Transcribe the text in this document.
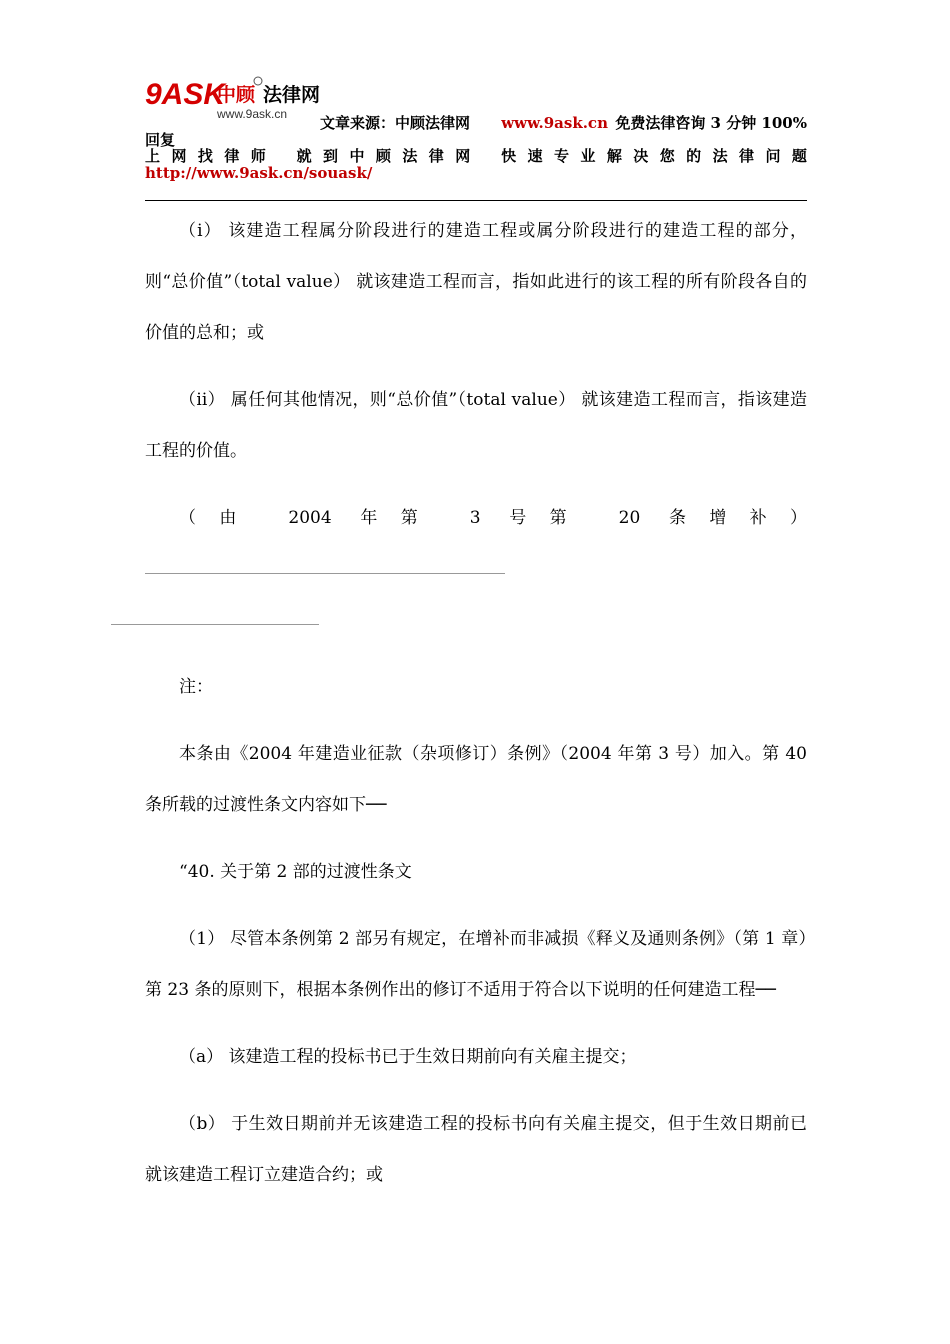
9ASK
中顾 法律网
www.9ask.cn 文章来源：中顾法律网 www.9ask.cn 免费法律咨询 3 分钟 100%
回复
上 网 找 律 师 就 到 中 顾 法 律 网 快 速 专 业 解 决 您 的 法 律 问 题
http://www.9ask.cn/souask/

（i） 该建造工程属分阶段进行的建造工程或属分阶段进行的建造工程的部分，则“总价值”（total value） 就该建造工程而言，指如此进行的该工程的所有阶段各自的价值的总和；或

（ii） 属任何其他情况，则“总价值”（total value） 就该建造工程而言，指该建造工程的价值。

（由 2004 年第 3 号第 20 条增补）

注：

本条由《2004 年建造业征款（杂项修订）条例》（2004 年第 3 号）加入。第 40 条所载的过渡性条文内容如下──

“40. 关于第 2 部的过渡性条文

（1） 尽管本条例第 2 部另有规定，在增补而非减损《释义及通则条例》（第 1 章）第 23 条的原则下，根据本条例作出的修订不适用于符合以下说明的任何建造工程──

（a） 该建造工程的投标书已于生效日期前向有关雇主提交；

（b） 于生效日期前并无该建造工程的投标书向有关雇主提交，但于生效日期前已就该建造工程订立建造合约；或
